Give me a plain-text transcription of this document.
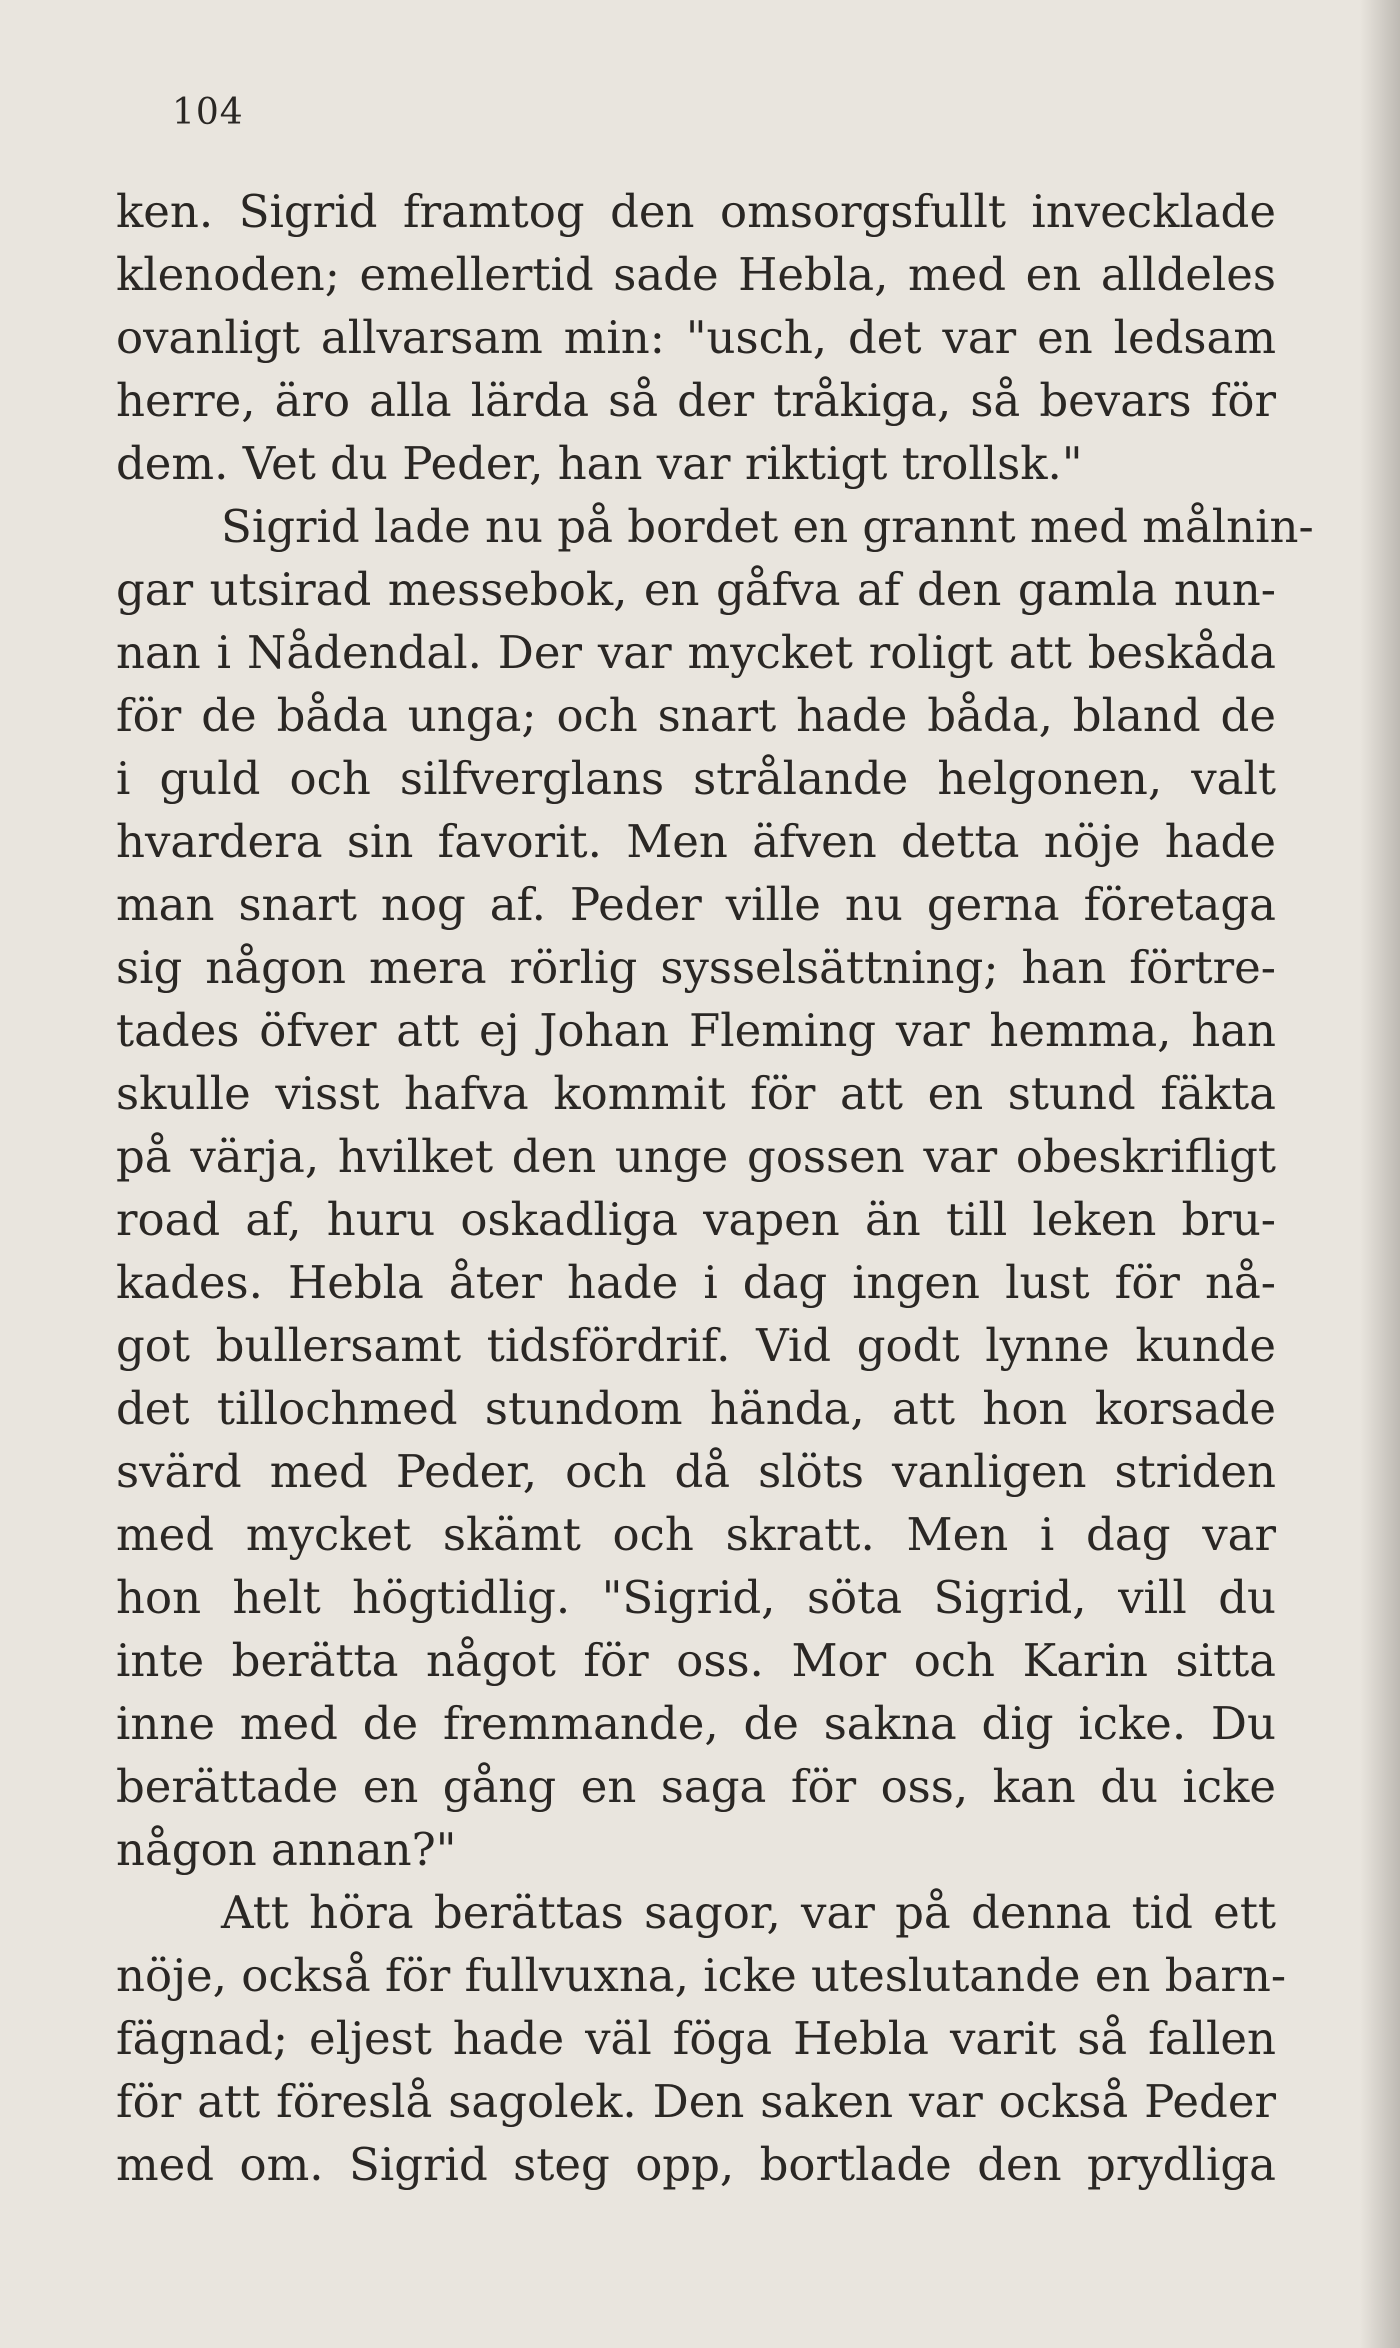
104
ken. Sigrid framtog den omsorgsfullt invecklade
klenoden; emellertid sade Hebla, med en alldeles
ovanligt allvarsam min: "usch, det var en ledsam
herre, äro alla lärda så der tråkiga, så bevars för
dem. Vet du Peder, han var riktigt trollsk."
Sigrid lade nu på bordet en grannt med målnin-
gar utsirad messebok, en gåfva af den gamla nun-
nan i Nådendal. Der var mycket roligt att beskåda
för de båda unga; och snart hade båda, bland de
i guld och silfverglans strålande helgonen, valt
hvardera sin favorit. Men äfven detta nöje hade
man snart nog af. Peder ville nu gerna företaga
sig någon mera rörlig sysselsättning; han förtre-
tades öfver att ej Johan Fleming var hemma, han
skulle visst hafva kommit för att en stund fäkta
på värja, hvilket den unge gossen var obeskrifligt
road af, huru oskadliga vapen än till leken bru-
kades. Hebla åter hade i dag ingen lust för nå-
got bullersamt tidsfördrif. Vid godt lynne kunde
det tillochmed stundom hända, att hon korsade
svärd med Peder, och då slöts vanligen striden
med mycket skämt och skratt. Men i dag var
hon helt högtidlig. "Sigrid, söta Sigrid, vill du
inte berätta något för oss. Mor och Karin sitta
inne med de fremmande, de sakna dig icke. Du
berättade en gång en saga för oss, kan du icke
någon annan?"
Att höra berättas sagor, var på denna tid ett
nöje, också för fullvuxna, icke uteslutande en barn-
fägnad; eljest hade väl föga Hebla varit så fallen
för att föreslå sagolek. Den saken var också Peder
med om. Sigrid steg opp, bortlade den prydliga
